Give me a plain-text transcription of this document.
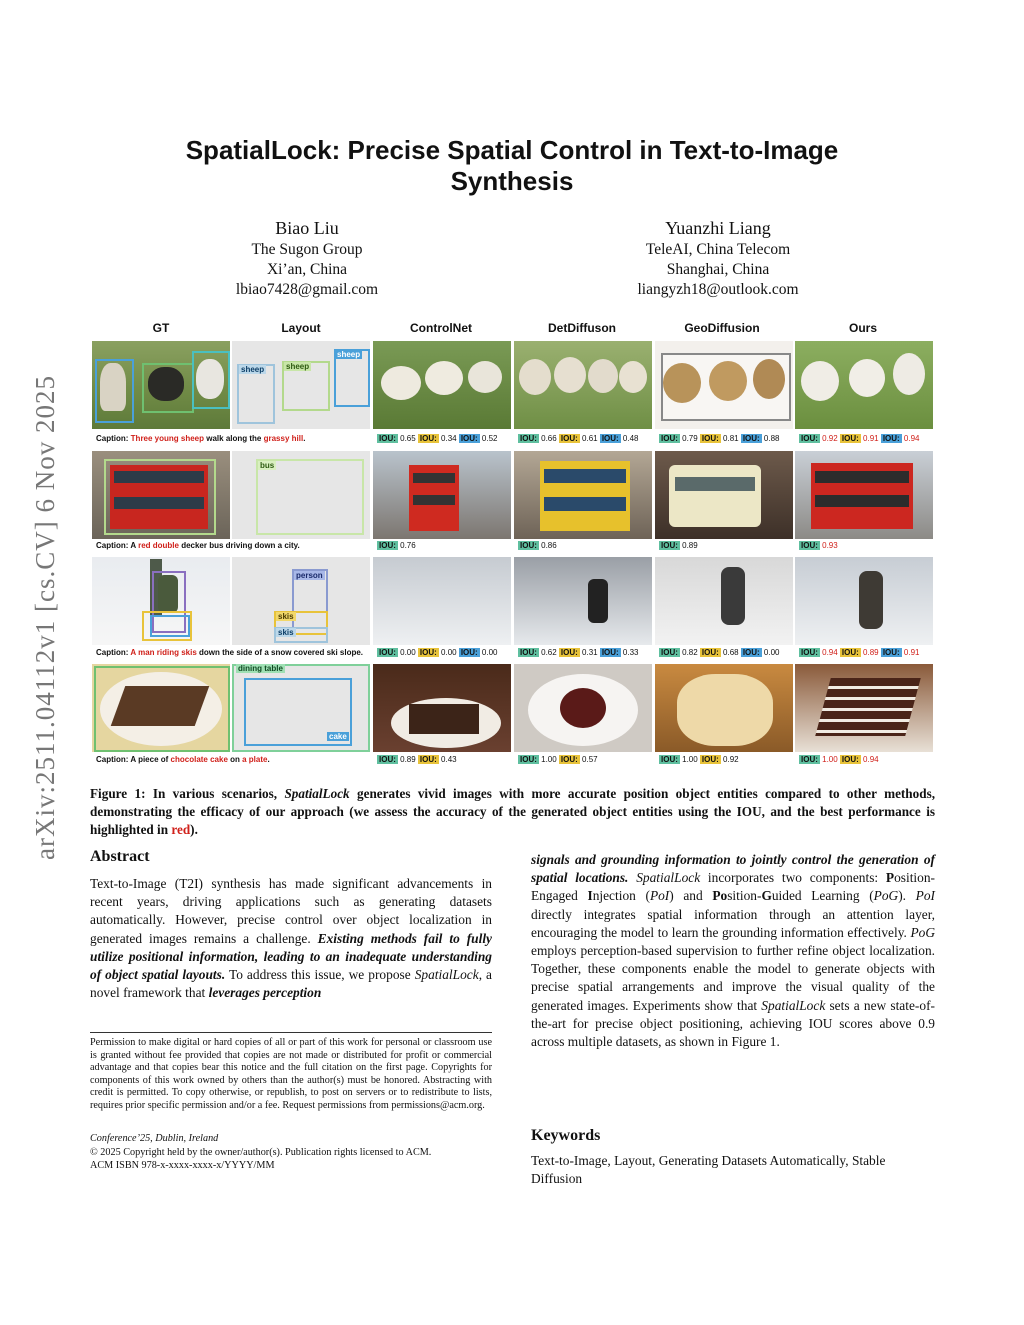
arXiv:2511.04112v1 [cs.CV] 6 Nov 2025
SpatialLock: Precise Spatial Control in Text-to-Image
Synthesis
Biao Liu
The Sugon Group
Xi’an, China
lbiao7428@gmail.com
Yuanzhi Liang
TeleAI, China Telecom
Shanghai, China
liangyzh18@outlook.com
GT	Layout	ControlNet	DetDiffuson	GeoDiffusion	Ours
sheep	sheep
sheep
Caption: Three young sheep walk along the grassy hill.
bus
Caption: A red double decker bus driving down a city.
person
skis
skis
Caption: A man riding skis down the side of a snow covered ski slope.
dining table
cake
Caption: A piece of chocolate cake on a plate.
IOU: 0.65 IOU: 0.34 IOU: 0.52	IOU: 0.66 IOU: 0.61 IOU: 0.48	IOU: 0.79 IOU: 0.81 IOU: 0.88	IOU: 0.92 IOU: 0.91 IOU: 0.94
IOU: 0.76	IOU: 0.86	IOU: 0.89	IOU: 0.93
IOU: 0.00 IOU: 0.00 IOU: 0.00	IOU: 0.62 IOU: 0.31 IOU: 0.33	IOU: 0.82 IOU: 0.68 IOU: 0.00	IOU: 0.94 IOU: 0.89 IOU: 0.91
IOU: 0.89 IOU: 0.43	IOU: 1.00 IOU: 0.57	IOU: 1.00 IOU: 0.92	IOU: 1.00 IOU: 0.94
Figure 1: In various scenarios, SpatialLock generates vivid images with more accurate position object entities compared to other methods, demonstrating the efficacy of our approach (we assess the accuracy of the generated object entities using the IOU, and the best performance is highlighted in red).
Abstract
Text-to-Image (T2I) synthesis has made significant advancements in recent years, driving applications such as generating datasets automatically. However, precise control over object localization in generated images remains a challenge. Existing methods fail to fully utilize positional information, leading to an inadequate understanding of object spatial layouts. To address this issue, we propose SpatialLock, a novel framework that leverages perception
Permission to make digital or hard copies of all or part of this work for personal or classroom use is granted without fee provided that copies are not made or distributed for profit or commercial advantage and that copies bear this notice and the full citation on the first page. Copyrights for components of this work owned by others than the author(s) must be honored. Abstracting with credit is permitted. To copy otherwise, or republish, to post on servers or to redistribute to lists, requires prior specific permission and/or a fee. Request permissions from permissions@acm.org.
Conference’25, Dublin, Ireland
© 2025 Copyright held by the owner/author(s). Publication rights licensed to ACM.
ACM ISBN 978-x-xxxx-xxxx-x/YYYY/MM
signals and grounding information to jointly control the generation of spatial locations. SpatialLock incorporates two components: Position-Engaged Injection (PoI) and Position-Guided Learning (PoG). PoI directly integrates spatial information through an attention layer, encouraging the model to learn the grounding information effectively. PoG employs perception-based supervision to further refine object localization. Together, these components enable the model to generate objects with precise spatial arrangements and improve the visual quality of the generated images. Experiments show that SpatialLock sets a new state-of-the-art for precise object positioning, achieving IOU scores above 0.9 across multiple datasets, as shown in Figure 1.
Keywords
Text-to-Image, Layout, Generating Datasets Automatically, Stable Diffusion
